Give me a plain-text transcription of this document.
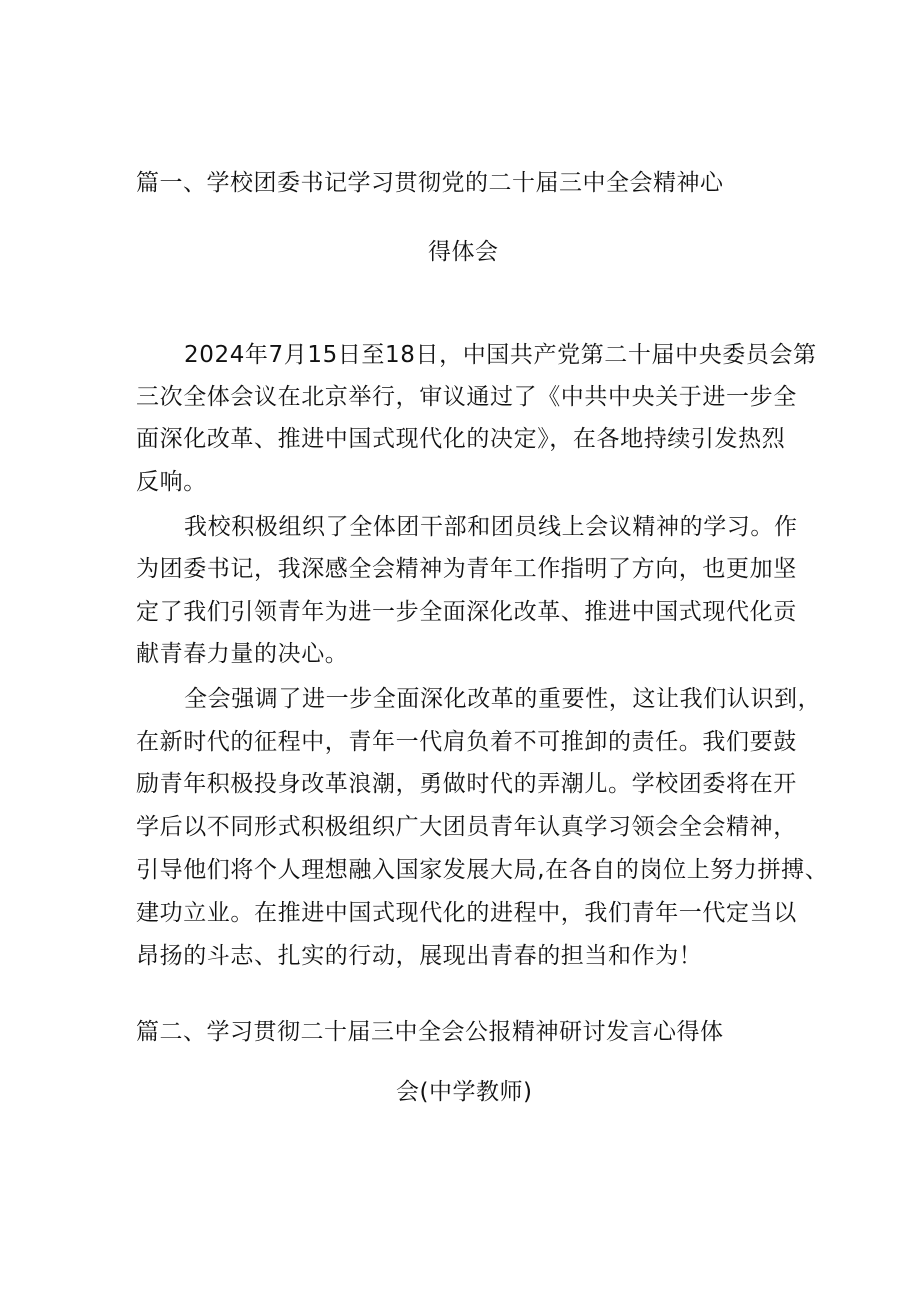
篇一、学校团委书记学习贯彻党的二十届三中全会精神心
得体会

2024年7月15日至18日，中国共产党第二十届中央委员会第

三次全体会议在北京举行，审议通过了《中共中央关于进一步全

面深化改革、推进中国式现代化的决定》，在各地持续引发热烈

反响。

我校积极组织了全体团干部和团员线上会议精神的学习。作

为团委书记，我深感全会精神为青年工作指明了方向，也更加坚

定了我们引领青年为进一步全面深化改革、推进中国式现代化贡

献青春力量的决心。

全会强调了进一步全面深化改革的重要性，这让我们认识到，

在新时代的征程中，青年一代肩负着不可推卸的责任。我们要鼓

励青年积极投身改革浪潮，勇做时代的弄潮儿。学校团委将在开

学后以不同形式积极组织广大团员青年认真学习领会全会精神，

引导他们将个人理想融入国家发展大局,在各自的岗位上努力拼搏、

建功立业。在推进中国式现代化的进程中，我们青年一代定当以

昂扬的斗志、扎实的行动，展现出青春的担当和作为！

篇二、学习贯彻二十届三中全会公报精神研讨发言心得体
会(中学教师)
